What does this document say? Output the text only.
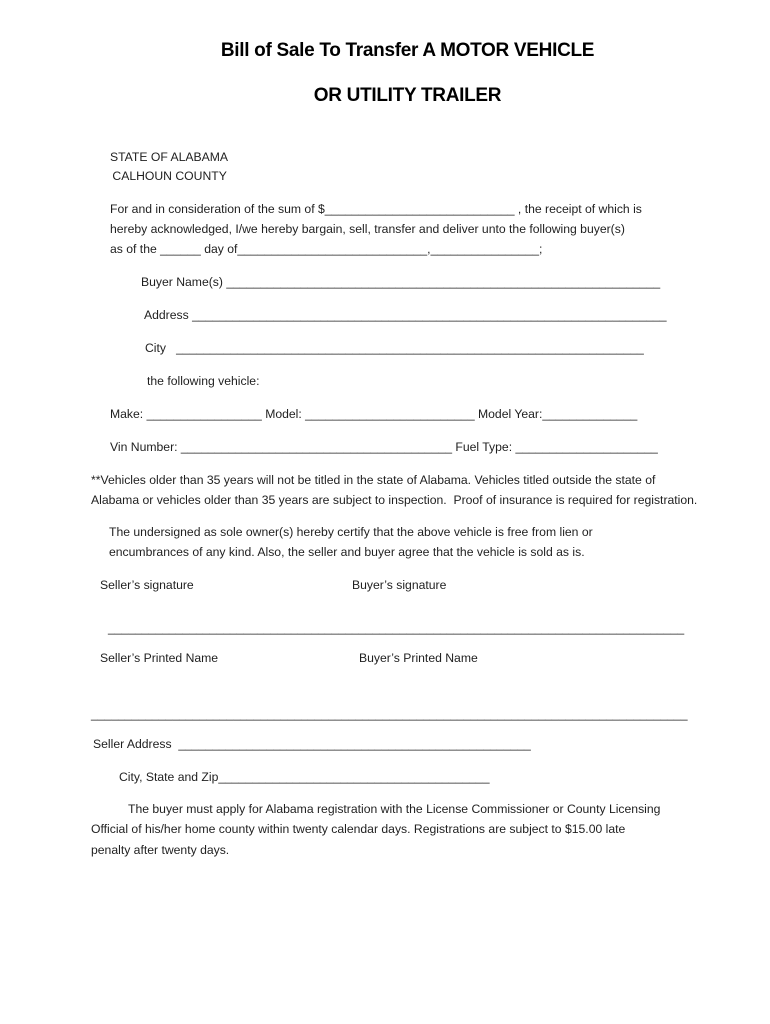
Bill of Sale To Transfer A MOTOR VEHICLE
OR UTILITY TRAILER
STATE OF ALABAMA
CALHOUN COUNTY
For and in consideration of the sum of $____________________________ , the receipt of which is
hereby acknowledged, I/we hereby bargain, sell, transfer and deliver unto the following buyer(s)
as of the ______ day of____________________________,________________;
Buyer Name(s) ________________________________________________________________
Address ______________________________________________________________________
City   _____________________________________________________________________
the following vehicle:
Make: _________________ Model: _________________________ Model Year:______________
Vin Number: ________________________________________ Fuel Type: _____________________
**Vehicles older than 35 years will not be titled in the state of Alabama. Vehicles titled outside the state of
Alabama or vehicles older than 35 years are subject to inspection.  Proof of insurance is required for registration.
The undersigned as sole owner(s) hereby certify that the above vehicle is free from lien or
encumbrances of any kind. Also, the seller and buyer agree that the vehicle is sold as is.
Seller’s signature	Buyer’s signature
_____________________________________________________________________________________
Seller’s Printed Name	Buyer’s Printed Name
________________________________________________________________________________________
Seller Address  ____________________________________________________
City, State and Zip________________________________________
The buyer must apply for Alabama registration with the License Commissioner or County Licensing
Official of his/her home county within twenty calendar days. Registrations are subject to $15.00 late
penalty after twenty days.
